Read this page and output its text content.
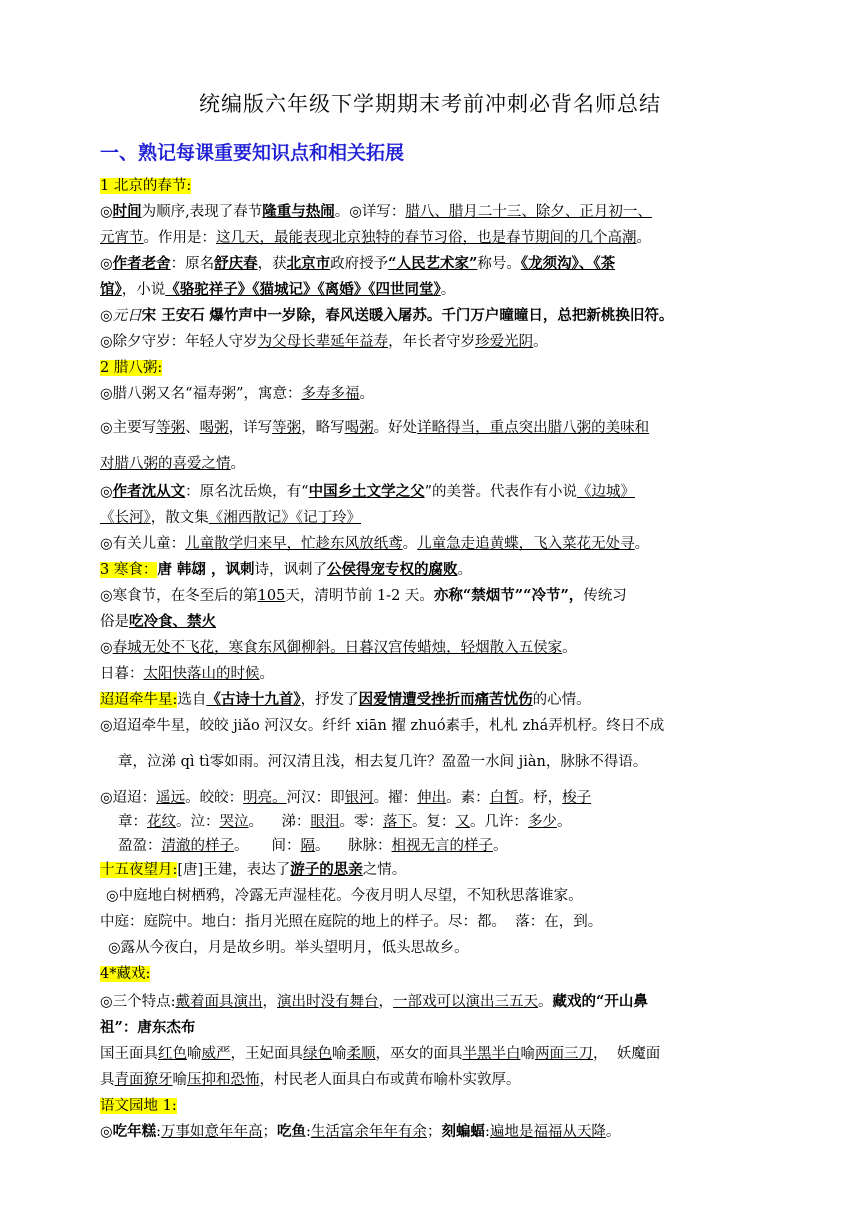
统编版六年级下学期期末考前冲刺必背名师总结
一、熟记每课重要知识点和相关拓展
1 北京的春节:
◎时间为顺序,表现了春节隆重与热闹。◎详写：腊八、腊月二十三、除夕、正月初一、
元宵节。作用是：这几天，最能表现北京独特的春节习俗，也是春节期间的几个高潮。
◎作者老舍：原名舒庆春，获北京市政府授予“人民艺术家”称号。《龙须沟》、《茶
馆》，小说《骆驼祥子》《猫城记》《离婚》《四世同堂》。
◎元日宋 王安石 爆竹声中一岁除，春风送暖入屠苏。千门万户曈曈日，总把新桃换旧符。
◎除夕守岁：年轻人守岁为父母长辈延年益寿，年长者守岁珍爱光阴。
2 腊八粥:
◎腊八粥又名“福寿粥”，寓意：多寿多福。
◎主要写等粥、喝粥，详写等粥，略写喝粥。好处详略得当，重点突出腊八粥的美味和
对腊八粥的喜爱之情。
◎作者沈从文：原名沈岳焕，有“中国乡土文学之父”的美誉。代表作有小说《边城》
《长河》，散文集《湘西散记》《记丁玲》
◎有关儿童：儿童散学归来早，忙趁东风放纸鸢。儿童急走追黄蝶，飞入菜花无处寻。
3 寒食：唐 韩翃 ，讽刺诗，讽刺了公侯得宠专权的腐败。
◎寒食节，在冬至后的第105天，清明节前 1-2 天。亦称“禁烟节”“冷节”，传统习
俗是吃冷食、禁火
◎春城无处不飞花，寒食东风御柳斜。日暮汉宫传蜡烛，轻烟散入五侯家。
日暮：太阳快落山的时候。
迢迢牵牛星:选自《古诗十九首》，抒发了因爱情遭受挫折而痛苦忧伤的心情。
◎迢迢牵牛星，皎皎 jiǎo 河汉女。纤纤 xiān 擢 zhuó素手，札札 zhá弄机杼。终日不成
章，泣涕 qì tì零如雨。河汉清且浅，相去复几许？盈盈一水间 jiàn，脉脉不得语。
◎迢迢：遥远。皎皎：明亮。河汉：即银河。擢：伸出。素：白皙。杼，梭子
章：花纹。泣：哭泣。 涕：眼泪。零：落下。复：又。几许：多少。
盈盈：清澈的样子。 间：隔。 脉脉：相视无言的样子。
十五夜望月:[唐]王建，表达了游子的思亲之情。
◎中庭地白树栖鸦，冷露无声湿桂花。今夜月明人尽望，不知秋思落谁家。
中庭：庭院中。地白：指月光照在庭院的地上的样子。尽：都。 落：在，到。
◎露从今夜白，月是故乡明。举头望明月，低头思故乡。
4*藏戏:
◎三个特点:戴着面具演出，演出时没有舞台，一部戏可以演出三五天。藏戏的“开山鼻
祖”：唐东杰布
国王面具红色喻威严，王妃面具绿色喻柔顺，巫女的面具半黑半白喻两面三刀， 妖魔面
具青面獠牙喻压抑和恐怖，村民老人面具白布或黄布喻朴实敦厚。
语文园地 1:
◎吃年糕:万事如意年年高；吃鱼:生活富余年年有余；刻蝙蝠:遍地是福福从天降。
